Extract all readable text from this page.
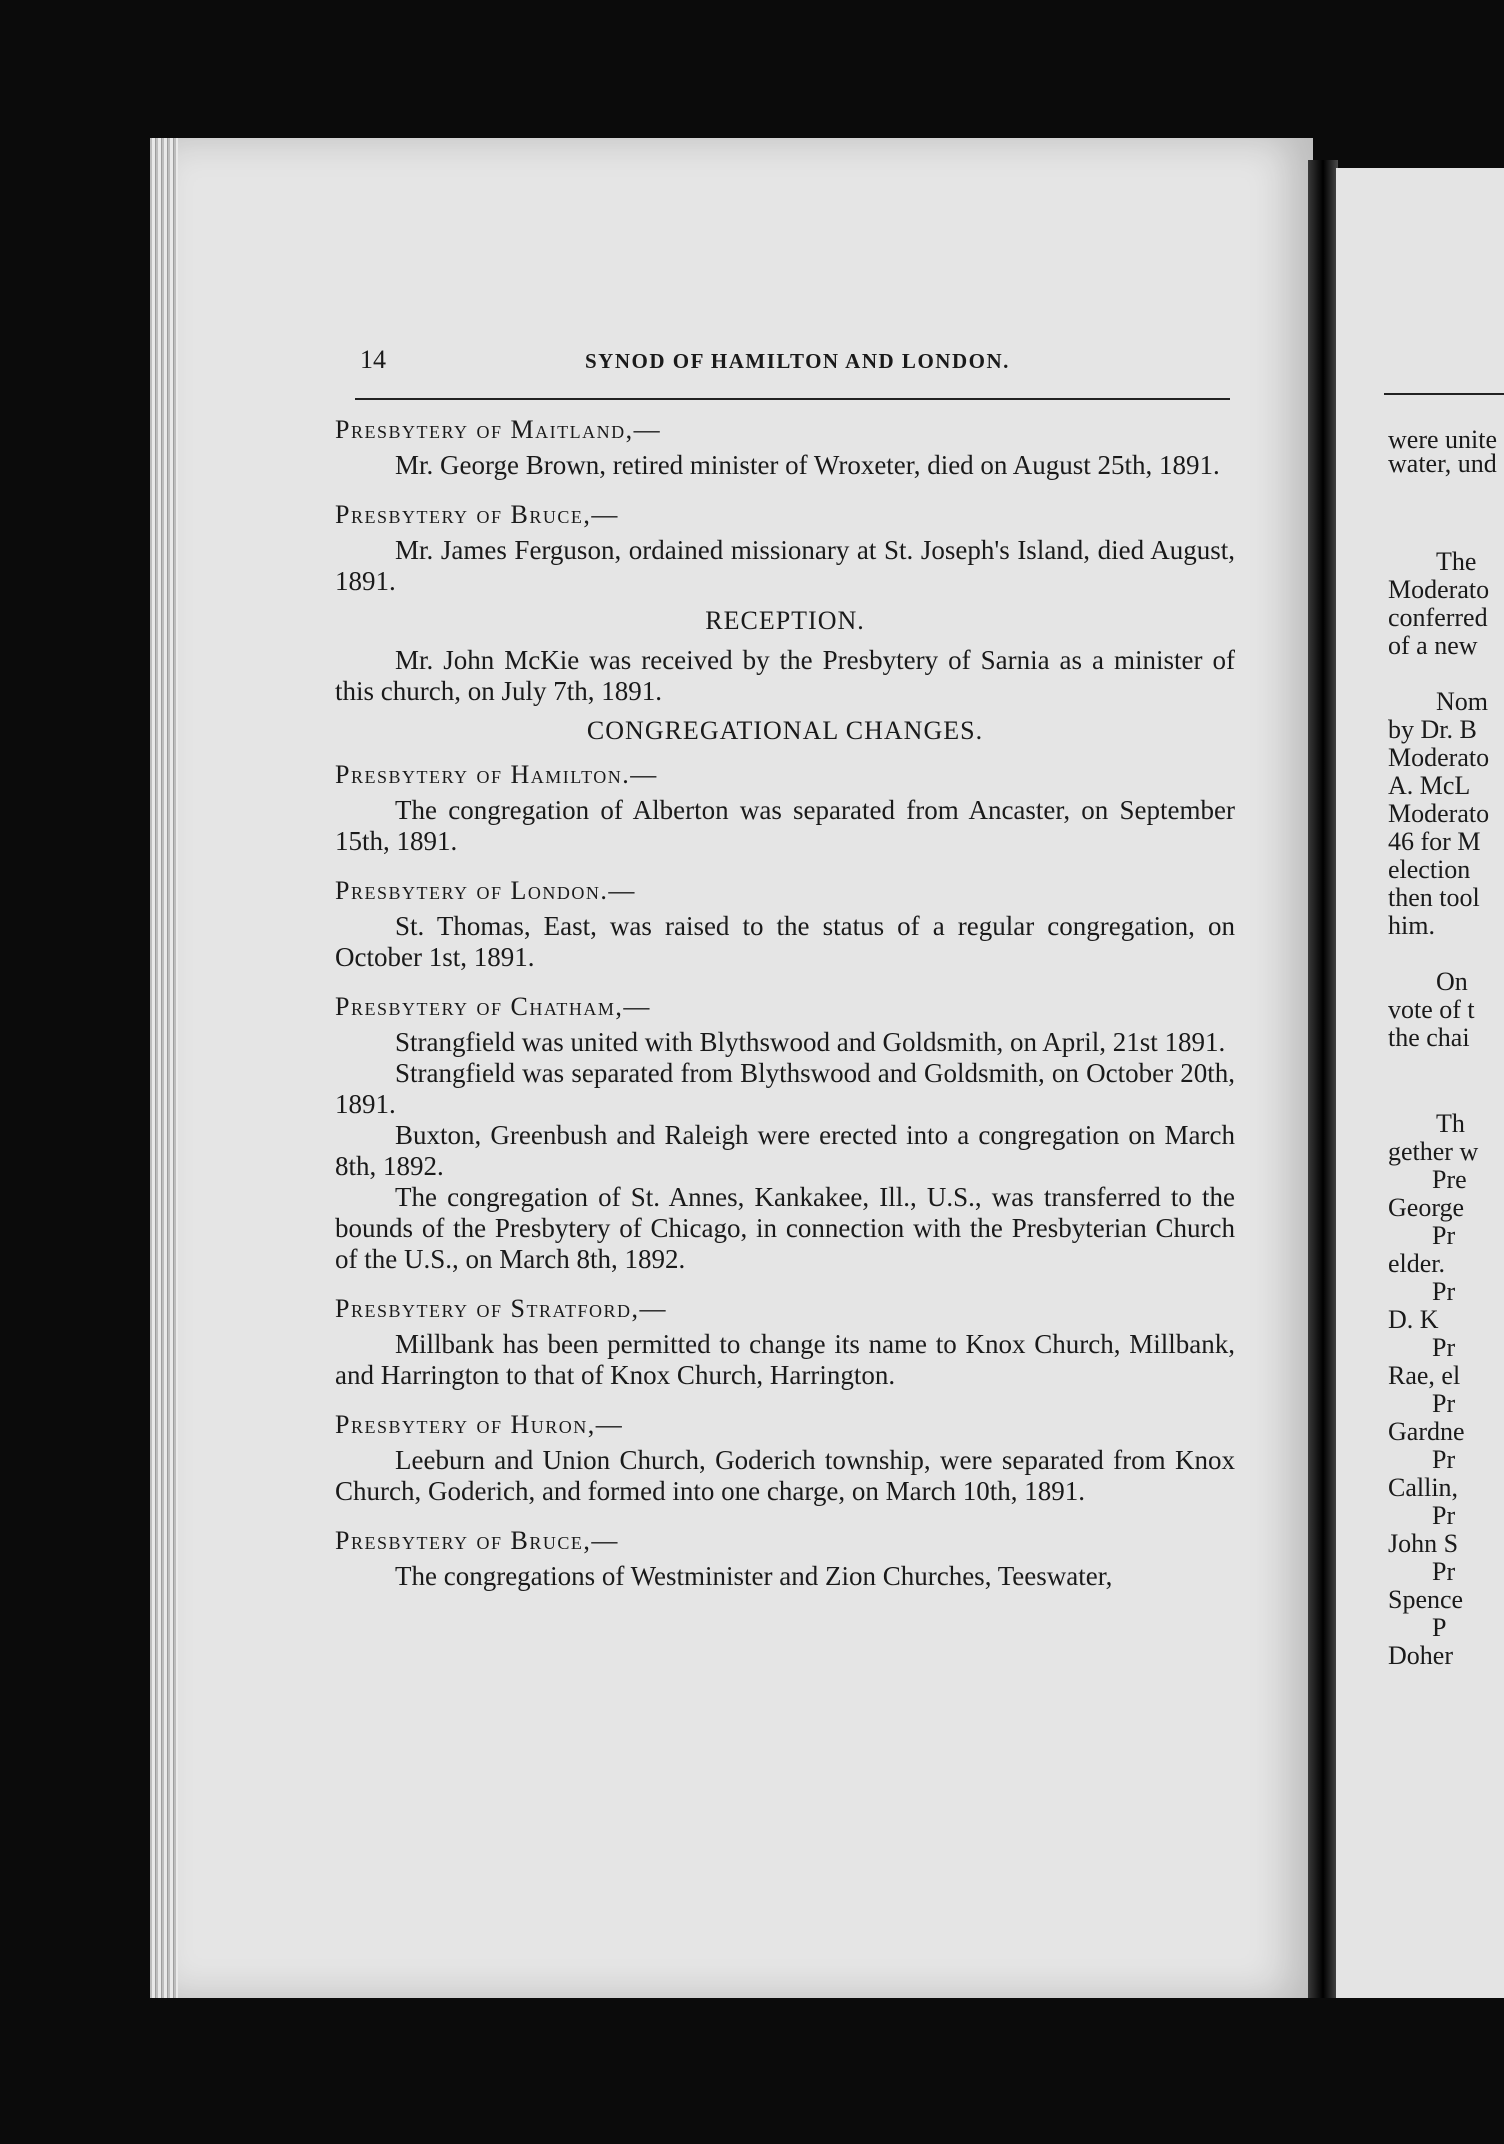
were unite
water, und
The
Moderato
conferred
of a new
Nom
by Dr. B
Moderato
A. McL
Moderato
46 for M
election
then tool
him.
On
vote of t
the chai
Th
gether w
Pre
George
Pr
elder.
Pr
D. K
Pr
Rae, el
Pr
Gardne
Pr
Callin,
Pr
John S
Pr
Spence
P
Doher
14	SYNOD OF HAMILTON AND LONDON.

Presbytery of Maitland,—

Mr. George Brown, retired minister of Wroxeter, died on August 25th, 1891.

Presbytery of Bruce,—

Mr. James Ferguson, ordained missionary at St. Joseph's Island, died August, 1891.

RECEPTION.

Mr. John McKie was received by the Presbytery of Sarnia as a minister of this church, on July 7th, 1891.

CONGREGATIONAL CHANGES.

Presbytery of Hamilton.—

The congregation of Alberton was separated from Ancaster, on September 15th, 1891.

Presbytery of London.—

St. Thomas, East, was raised to the status of a regular congregation, on October 1st, 1891.

Presbytery of Chatham,—

Strangfield was united with Blythswood and Goldsmith, on April, 21st 1891.

Strangfield was separated from Blythswood and Goldsmith, on October 20th, 1891.

Buxton, Greenbush and Raleigh were erected into a congregation on March 8th, 1892.

The congregation of St. Annes, Kankakee, Ill., U.S., was transferred to the bounds of the Presbytery of Chicago, in connection with the Presbyterian Church of the U.S., on March 8th, 1892.

Presbytery of Stratford,—

Millbank has been permitted to change its name to Knox Church, Millbank, and Harrington to that of Knox Church, Harrington.

Presbytery of Huron,—

Leeburn and Union Church, Goderich township, were separated from Knox Church, Goderich, and formed into one charge, on March 10th, 1891.

Presbytery of Bruce,—

The congregations of Westminister and Zion Churches, Teeswater,
